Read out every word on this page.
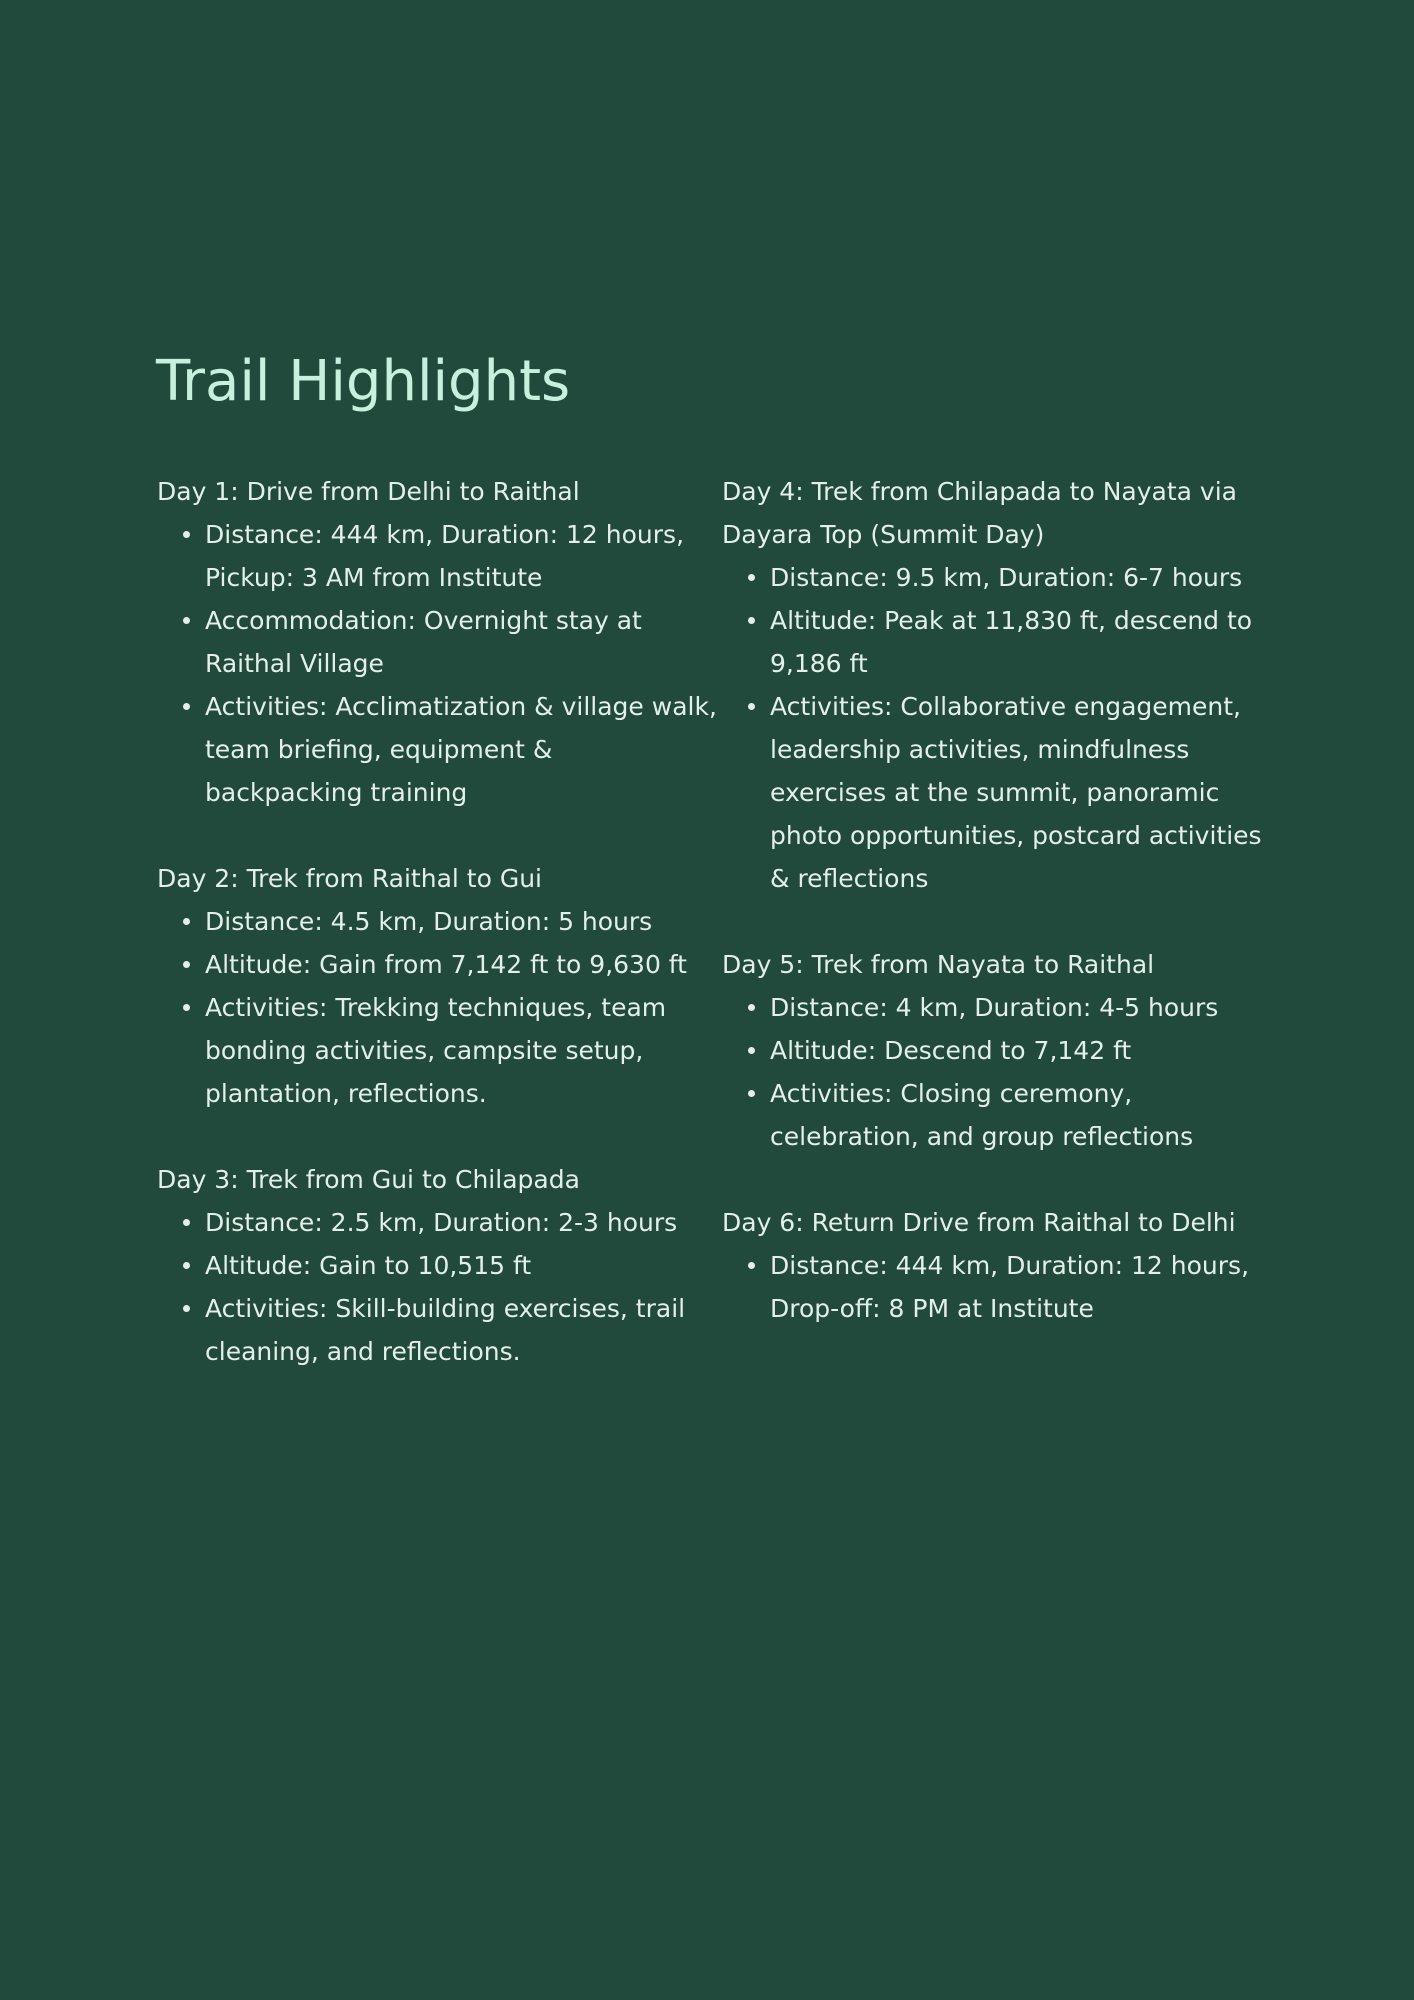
Trail Highlights
Day 1: Drive from Delhi to Raithal
Distance: 444 km, Duration: 12 hours, Pickup: 3 AM from Institute
Accommodation: Overnight stay at Raithal Village
Activities: Acclimatization & village walk, team briefing, equipment & backpacking training
Day 2: Trek from Raithal to Gui
Distance: 4.5 km, Duration: 5 hours
Altitude: Gain from 7,142 ft to 9,630 ft
Activities: Trekking techniques, team bonding activities, campsite setup, plantation, reflections.
Day 3: Trek from Gui to Chilapada
Distance: 2.5 km, Duration: 2-3 hours
Altitude: Gain to 10,515 ft
Activities: Skill-building exercises, trail cleaning, and reflections.
Day 4: Trek from Chilapada to Nayata via Dayara Top (Summit Day)
Distance: 9.5 km, Duration: 6-7 hours
Altitude: Peak at 11,830 ft, descend to 9,186 ft
Activities: Collaborative engagement, leadership activities, mindfulness exercises at the summit, panoramic photo opportunities, postcard activities & reflections
Day 5: Trek from Nayata to Raithal
Distance: 4 km, Duration: 4-5 hours
Altitude: Descend to 7,142 ft
Activities: Closing ceremony, celebration, and group reflections
Day 6: Return Drive from Raithal to Delhi
Distance: 444 km, Duration: 12 hours, Drop-off: 8 PM at Institute
